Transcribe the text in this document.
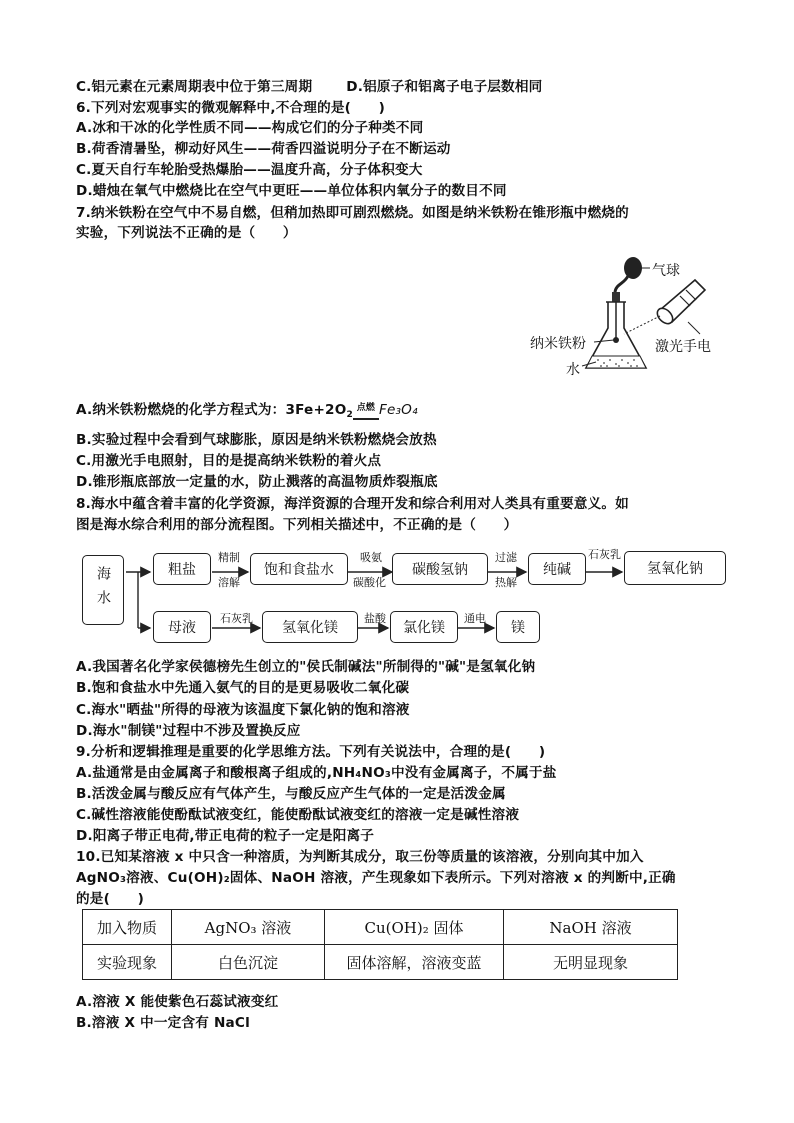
C.铝元素在元素周期表中位于第三周期	D.铝原子和铝离子电子层数相同
6.下列对宏观事实的微观解释中,不合理的是(　　)
A.冰和干冰的化学性质不同——构成它们的分子种类不同
B.荷香清暑坠，柳动好风生——荷香四溢说明分子在不断运动
C.夏天自行车轮胎受热爆胎——温度升高，分子体积变大
D.蜡烛在氧气中燃烧比在空气中更旺——单位体积内氧分子的数目不同
7.纳米铁粉在空气中不易自燃，但稍加热即可剧烈燃烧。如图是纳米铁粉在锥形瓶中燃烧的
实验，下列说法不正确的是（　　）
气球
纳米铁粉	激光手电
水
A.纳米铁粉燃烧的化学方程式为：$3Fe+2O_2$点燃 Fe₃O₄
B.实验过程中会看到气球膨胀，原因是纳米铁粉燃烧会放热
C.用激光手电照射，目的是提高纳米铁粉的着火点
D.锥形瓶底部放一定量的水，防止溅落的高温物质炸裂瓶底
8.海水中蕴含着丰富的化学资源，海洋资源的合理开发和综合利用对人类具有重要意义。如
图是海水综合利用的部分流程图。下列相关描述中，不正确的是（　　）
海水	粗盐	饱和食盐水	碳酸氢钠	纯碱	氢氧化钠
母液	氢氧化镁	氯化镁	镁
精制
溶解
吸氨
碳酸化
过滤
热解
石灰乳
石灰乳	盐酸	通电
A.我国著名化学家侯德榜先生创立的"侯氏制碱法"所制得的"碱"是氢氧化钠
B.饱和食盐水中先通入氨气的目的是更易吸收二氧化碳
C.海水"晒盐"所得的母液为该温度下氯化钠的饱和溶液
D.海水"制镁"过程中不涉及置换反应
9.分析和逻辑推理是重要的化学思维方法。下列有关说法中，合理的是(　　)
A.盐通常是由金属离子和酸根离子组成的,NH₄NO₃中没有金属离子，不属于盐
B.活泼金属与酸反应有气体产生，与酸反应产生气体的一定是活泼金属
C.碱性溶液能使酚酞试液变红，能使酚酞试液变红的溶液一定是碱性溶液
D.阳离子带正电荷,带正电荷的粒子一定是阳离子
10.已知某溶液 x 中只含一种溶质，为判断其成分，取三份等质量的该溶液，分别向其中加入
AgNO₃溶液、Cu(OH)₂固体、NaOH 溶液，产生现象如下表所示。下列对溶液 x 的判断中,正确
的是(　　)
加入物质	AgNO₃ 溶液	Cu(OH)₂ 固体	NaOH 溶液
实验现象	白色沉淀	固体溶解，溶液变蓝	无明显现象
A.溶液 X 能使紫色石蕊试液变红
B.溶液 X 中一定含有 NaCl
